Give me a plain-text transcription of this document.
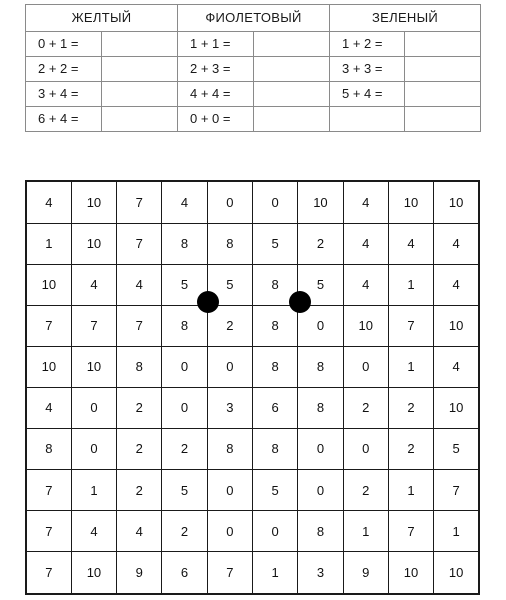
ЖЕЛТЫЙ		ФИОЛЕТОВЫЙ		ЗЕЛЕНЫЙ	
0 + 1 =		1 + 1 =		1 + 2 =	
2 + 2 =		2 + 3 =		3 + 3 =	
3 + 4 =		4 + 4 =		5 + 4 =	
6 + 4 =		0 + 0 =			
4	10	7	4	0	0	10	4	10	10
1	10	7	8	8	5	2	4	4	4
10	4	4	5	5	8	5	4	1	4
7	7	7	8	2	8	0	10	7	10
10	10	8	0	0	8	8	0	1	4
4	0	2	0	3	6	8	2	2	10
8	0	2	2	8	8	0	0	2	5
7	1	2	5	0	5	0	2	1	7
7	4	4	2	0	0	8	1	7	1
7	10	9	6	7	1	3	9	10	10
